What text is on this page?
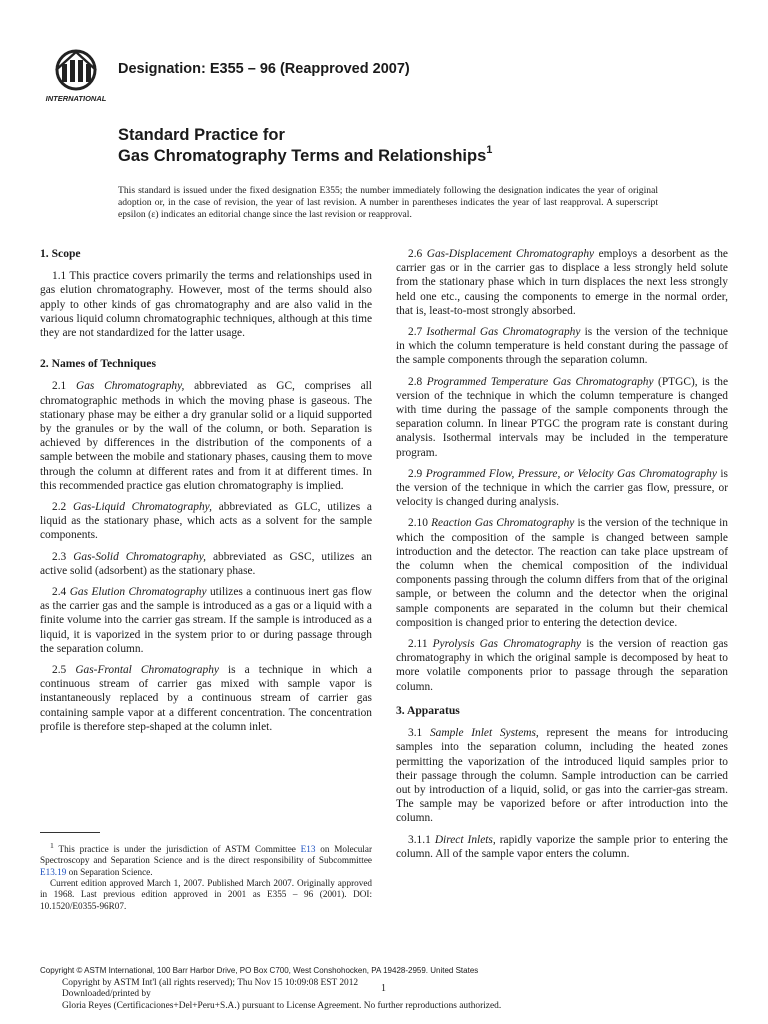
INTERNATIONAL
Designation: E355 – 96 (Reapproved 2007)
Standard Practice for
Gas Chromatography Terms and Relationships$^1$
This standard is issued under the fixed designation E355; the number immediately following the designation indicates the year of original adoption or, in the case of revision, the year of last revision. A number in parentheses indicates the year of last reapproval. A superscript epsilon (ε) indicates an editorial change since the last revision or reapproval.
1. Scope

1.1 This practice covers primarily the terms and relationships used in gas elution chromatography. However, most of the terms should also apply to other kinds of gas chromatography and are also valid in the various liquid column chromatographic techniques, although at this time they are not standardized for the latter usage.

2. Names of Techniques

2.1 Gas Chromatography, abbreviated as GC, comprises all chromatographic methods in which the moving phase is gaseous. The stationary phase may be either a dry granular solid or a liquid supported by the granules or by the wall of the column, or both. Separation is achieved by differences in the distribution of the components of a sample between the mobile and stationary phases, causing them to move through the column at different rates and from it at different times. In this recommended practice gas elution chromatography is implied.

2.2 Gas-Liquid Chromatography, abbreviated as GLC, utilizes a liquid as the stationary phase, which acts as a solvent for the sample components.

2.3 Gas-Solid Chromatography, abbreviated as GSC, utilizes an active solid (adsorbent) as the stationary phase.

2.4 Gas Elution Chromatography utilizes a continuous inert gas flow as the carrier gas and the sample is introduced as a gas or a liquid with a finite volume into the carrier gas stream. If the sample is introduced as a liquid, it is vaporized in the system prior to or during passage through the separation column.

2.5 Gas-Frontal Chromatography is a technique in which a continuous stream of carrier gas mixed with sample vapor is instantaneously replaced by a continuous stream of carrier gas containing sample vapor at a different concentration. The concentration profile is therefore step-shaped at the column inlet.

2.6 Gas-Displacement Chromatography employs a desorbent as the carrier gas or in the carrier gas to displace a less strongly held solute from the stationary phase which in turn displaces the next less strongly held one etc., causing the components to emerge in the normal order, that is, least-to-most strongly absorbed.

2.7 Isothermal Gas Chromatography is the version of the technique in which the column temperature is held constant during the passage of the sample components through the separation column.

2.8 Programmed Temperature Gas Chromatography (PTGC), is the version of the technique in which the column temperature is changed with time during the passage of the sample components through the separation column. In linear PTGC the program rate is constant during analysis. Isothermal intervals may be included in the temperature program.

2.9 Programmed Flow, Pressure, or Velocity Gas Chromatography is the version of the technique in which the carrier gas flow, pressure, or velocity is changed during analysis.

2.10 Reaction Gas Chromatography is the version of the technique in which the composition of the sample is changed between sample introduction and the detector. The reaction can take place upstream of the column when the chemical composition of the individual components passing through the column differs from that of the original sample, or between the column and the detector when the original sample components are separated in the column but their chemical composition is changed prior to entering the detection device.

2.11 Pyrolysis Gas Chromatography is the version of reaction gas chromatography in which the original sample is decomposed by heat to more volatile components prior to passage through the separation column.

3. Apparatus

3.1 Sample Inlet Systems, represent the means for introducing samples into the separation column, including the heated zones permitting the vaporization of the introduced liquid samples prior to their passage through the column. Sample introduction can be carried out by introduction of a liquid, solid, or gas into the carrier-gas stream. The sample may be vaporized before or after introduction into the column.

3.1.1 Direct Inlets, rapidly vaporize the sample prior to entering the column. All of the sample vapor enters the column.

$^1$ This practice is under the jurisdiction of ASTM Committee E13 on Molecular Spectroscopy and Separation Science and is the direct responsibility of Subcommittee E13.19 on Separation Science.

Current edition approved March 1, 2007. Published March 2007. Originally approved in 1968. Last previous edition approved in 2001 as E355 – 96 (2001). DOI: 10.1520/E0355-96R07.

Copyright © ASTM International, 100 Barr Harbor Drive, PO Box C700, West Conshohocken, PA 19428-2959. United States
Copyright by ASTM Int'l (all rights reserved); Thu Nov 15 10:09:08 EST 2012
Downloaded/printed by
Gloria Reyes (Certificaciones+Del+Peru+S.A.) pursuant to License Agreement. No further reproductions authorized.
1
